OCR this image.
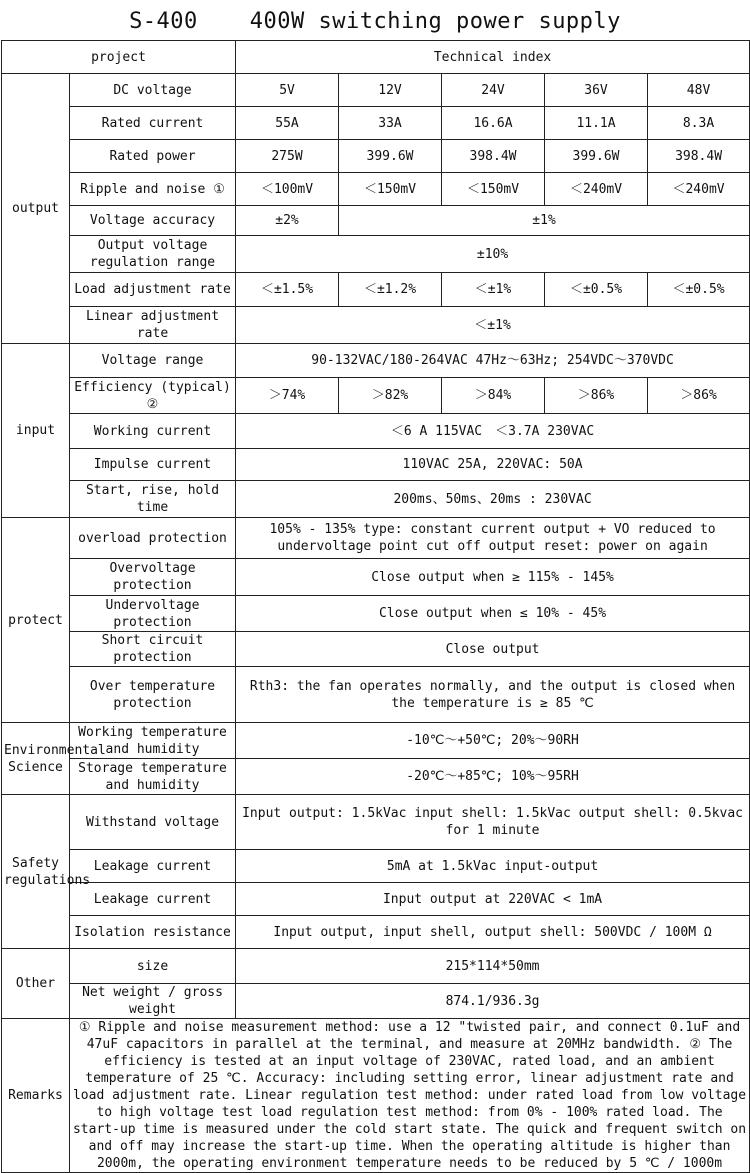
S-400 400W switching power supply
project		Technical index				
output	DC voltage	5V	12V	24V	36V	48V
	Rated current	55A	33A	16.6A	11.1A	8.3A
	Rated power	275W	399.6W	398.4W	399.6W	398.4W
	Ripple and noise ①	＜100mV	＜150mV	＜150mV	＜240mV	＜240mV
	Voltage accuracy	±2%	±1%			
	Output voltage regulation range	±10%				
	Load adjustment rate	＜±1.5%	＜±1.2%	＜±1%	＜±0.5%	＜±0.5%
	Linear adjustment rate	＜±1%				
input	Voltage range	90-132VAC/180-264VAC 47Hz～63Hz; 254VDC～370VDC				
	Efficiency (typical) ②	＞74%	＞82%	＞84%	＞86%	＞86%
	Working current	＜6 A 115VAC　＜3.7A 230VAC				
	Impulse current	110VAC 25A, 220VAC: 50A				
	Start, rise, hold time	200ms、50ms、20ms : 230VAC				
protect	overload protection	105% - 135% type: constant current output + VO reduced to undervoltage point cut off output reset: power on again				
	Overvoltage protection	Close output when ≥ 115% - 145%				
	Undervoltage protection	Close output when ≤ 10% - 45%				
	Short circuit protection	Close output				
	Over temperature protection	Rth3: the fan operates normally, and the output is closed when the temperature is ≥ 85 ℃				
Environmental Science	Working temperature and humidity	-10℃～+50℃; 20%～90RH				
	Storage temperature and humidity	-20℃～+85℃; 10%～95RH				
Safety regulations	Withstand voltage	Input output: 1.5kVac input shell: 1.5kVac output shell: 0.5kvac for 1 minute				
	Leakage current	5mA at 1.5kVac input-output				
	Leakage current	Input output at 220VAC < 1mA				
	Isolation resistance	Input output, input shell, output shell: 500VDC / 100M Ω				
Other	size	215*114*50mm				
	Net weight / gross weight	874.1/936.3g				
Remarks	① Ripple and noise measurement method: use a 12 "twisted pair, and connect 0.1uF and 47uF capacitors in parallel at the terminal, and measure at 20MHz bandwidth. ② The efficiency is tested at an input voltage of 230VAC, rated load, and an ambient temperature of 25 ℃. Accuracy: including setting error, linear adjustment rate and load adjustment rate. Linear regulation test method: under rated load from low voltage to high voltage test load regulation test method: from 0% - 100% rated load. The start-up time is measured under the cold start state. The quick and frequent switch on and off may increase the start-up time. When the operating altitude is higher than 2000m, the operating environment temperature needs to be reduced by 5 ℃ / 1000m					
